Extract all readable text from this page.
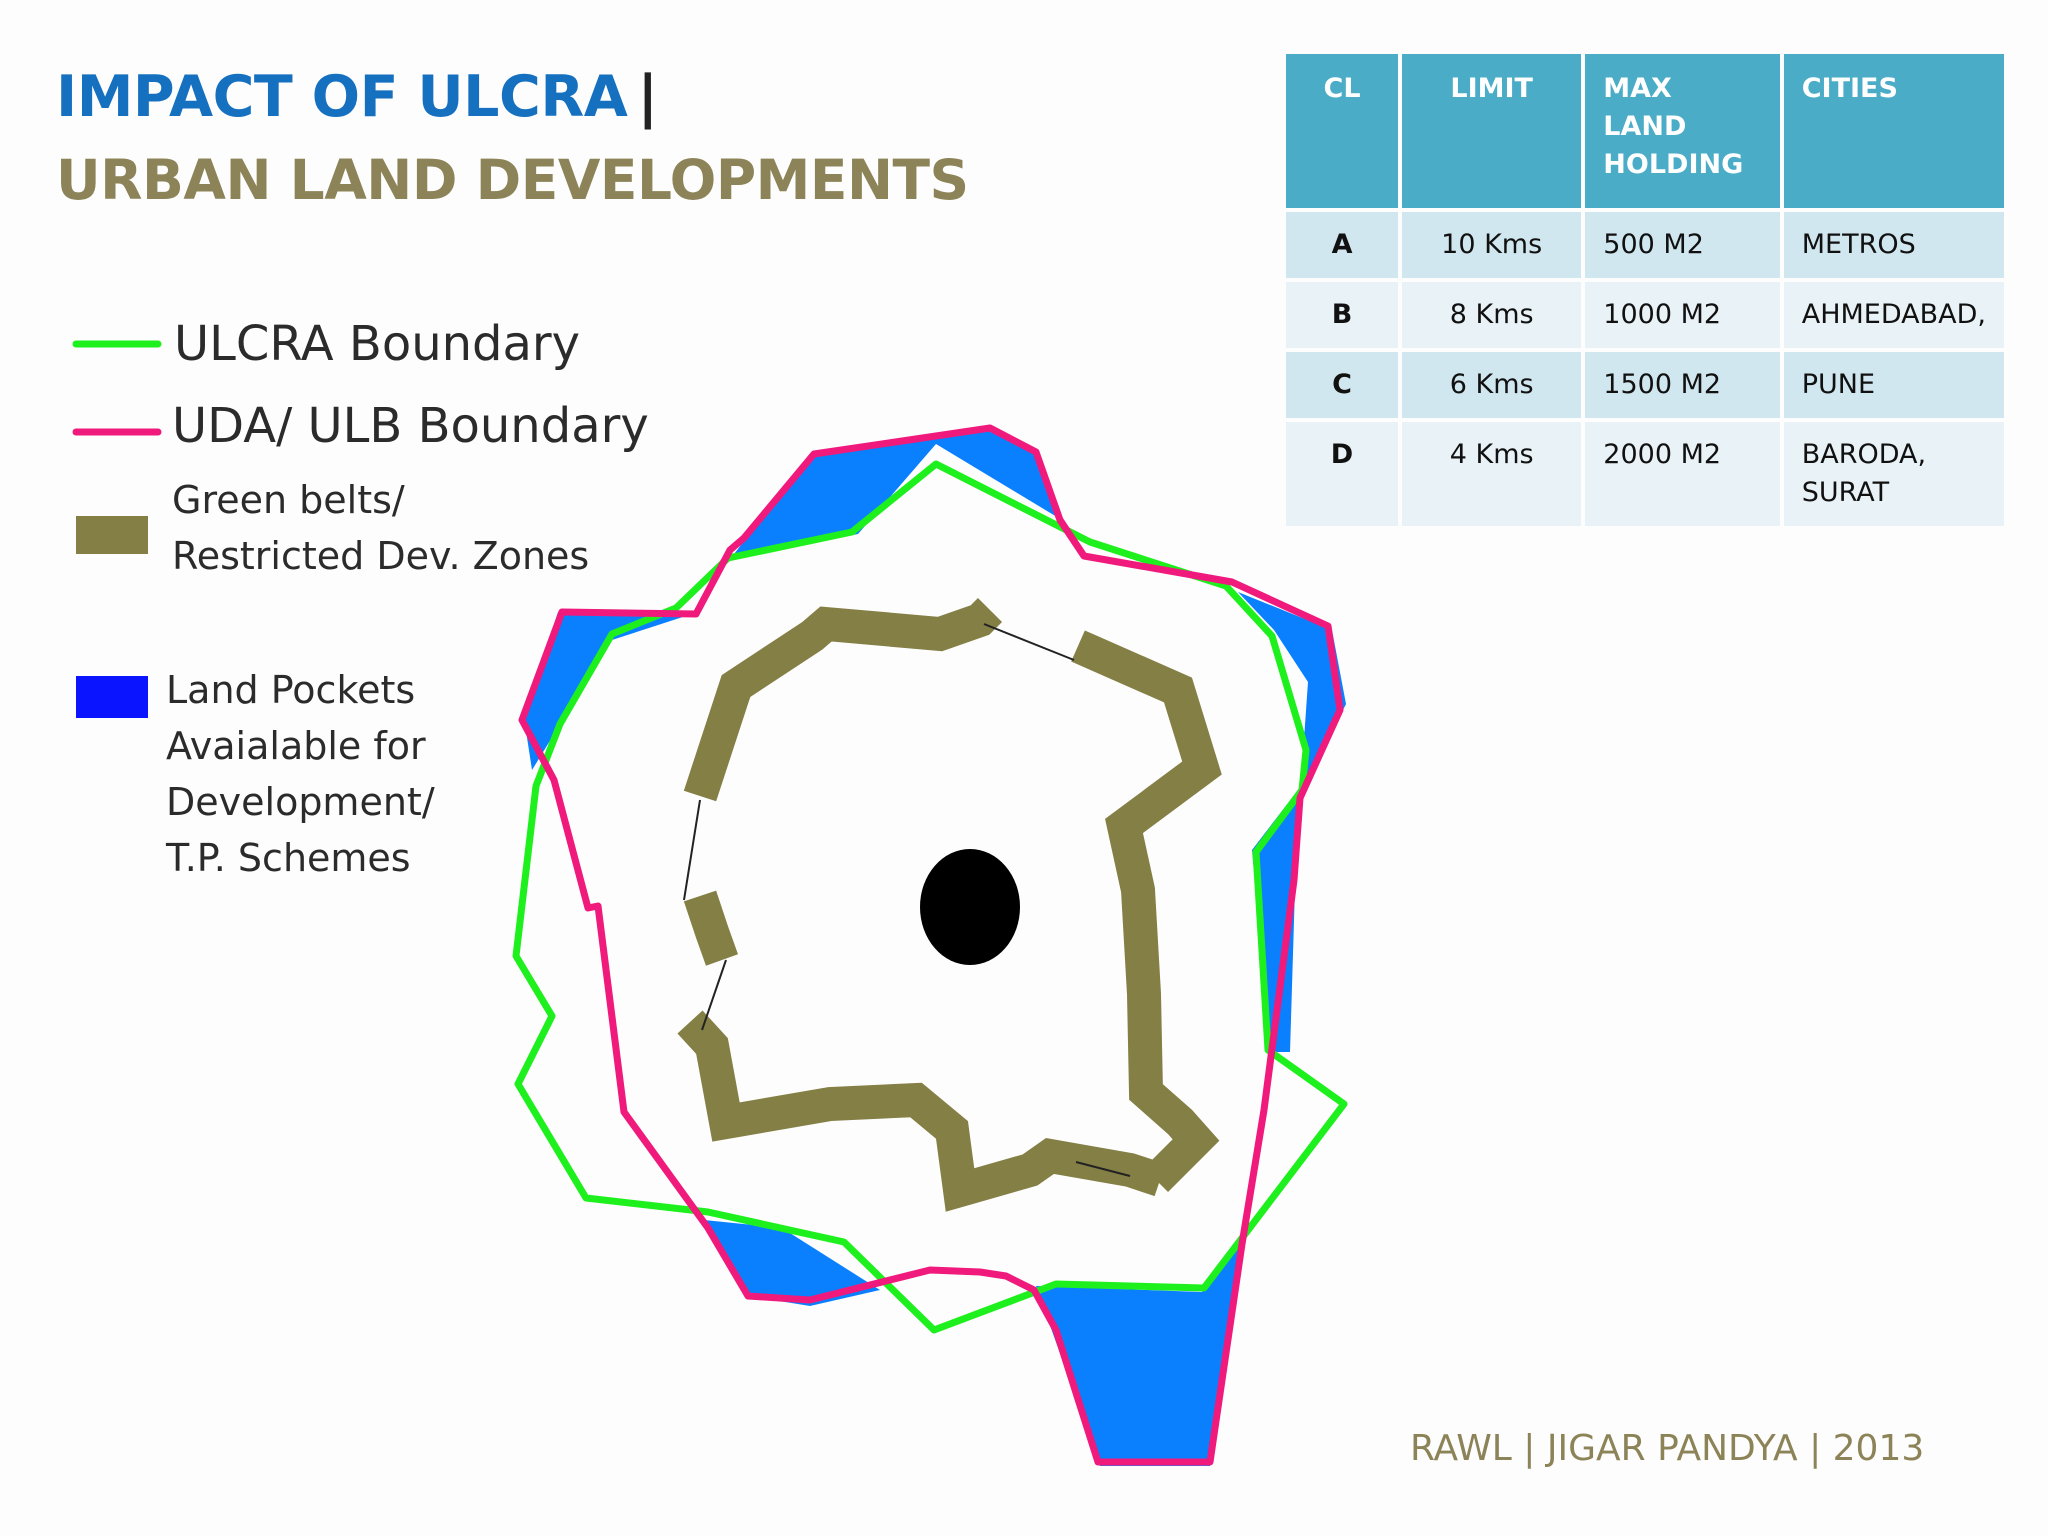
IMPACT OF ULCRA |
URBAN LAND DEVELOPMENTS
ULCRA Boundary
UDA/ ULB Boundary
Green belts/
Restricted Dev. Zones
Land Pockets
Avaialable for
Development/
T.P. Schemes
CL	LIMIT	MAX LAND HOLDING	CITIES
A	10 Kms	500 M2	METROS
B	8 Kms	1000 M2	AHMEDABAD,
C	6 Kms	1500 M2	PUNE
D	4 Kms	2000 M2	BARODA, SURAT
RAWL | JIGAR PANDYA | 2013
